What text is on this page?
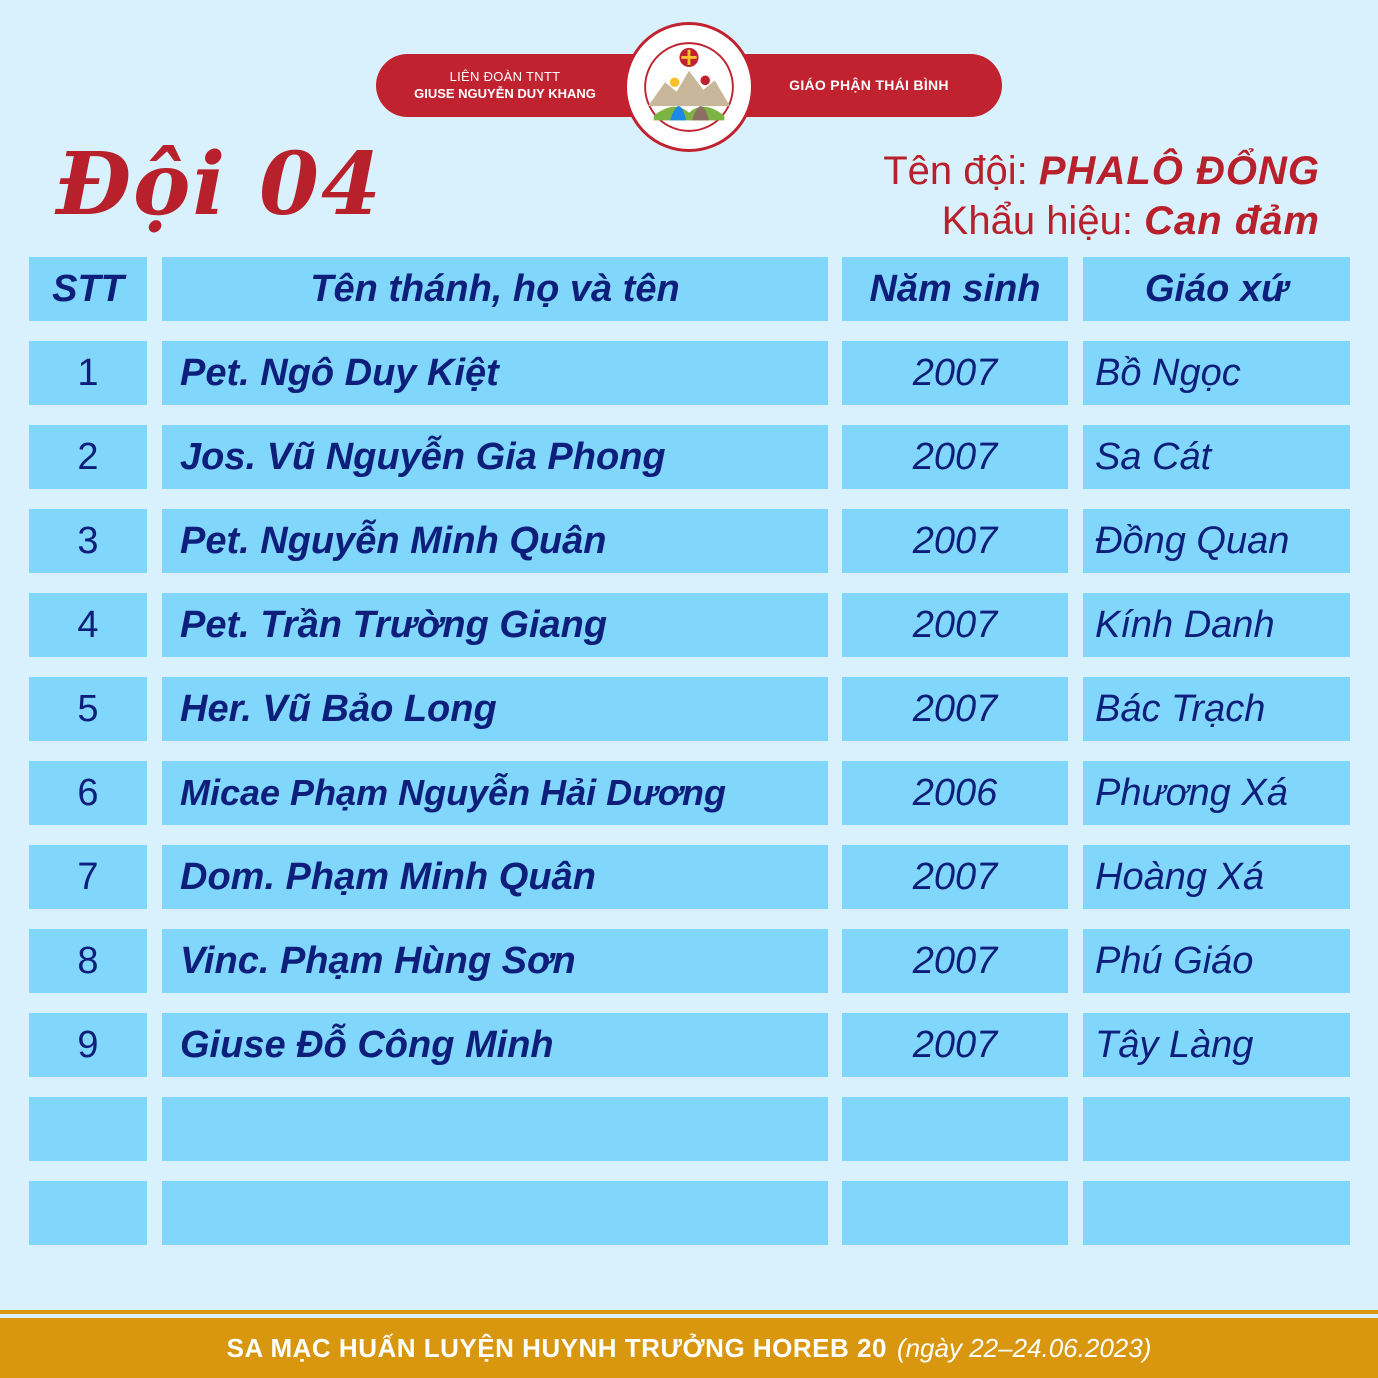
LIÊN ĐOÀN TNTT
GIUSE NGUYỄN DUY KHANG
GIÁO PHẬN THÁI BÌNH
Đội 04	Tên đội: PHALÔ ĐỔNG
Khẩu hiệu: Can đảm
STT	Tên thánh, họ và tên	Năm sinh	Giáo xứ
1	Pet. Ngô Duy Kiệt	2007	Bồ Ngọc
2	Jos. Vũ Nguyễn Gia Phong	2007	Sa Cát
3	Pet. Nguyễn Minh Quân	2007	Đồng Quan
4	Pet. Trần Trường Giang	2007	Kính Danh
5	Her. Vũ Bảo Long	2007	Bác Trạch
6	Micae Phạm Nguyễn Hải Dương	2006	Phương Xá
7	Dom. Phạm Minh Quân	2007	Hoàng Xá
8	Vinc. Phạm Hùng Sơn	2007	Phú Giáo
9	Giuse Đỗ Công Minh	2007	Tây Làng
SA MẠC HUẤN LUYỆN HUYNH TRƯỞNG HOREB 20 (ngày 22–24.06.2023)
